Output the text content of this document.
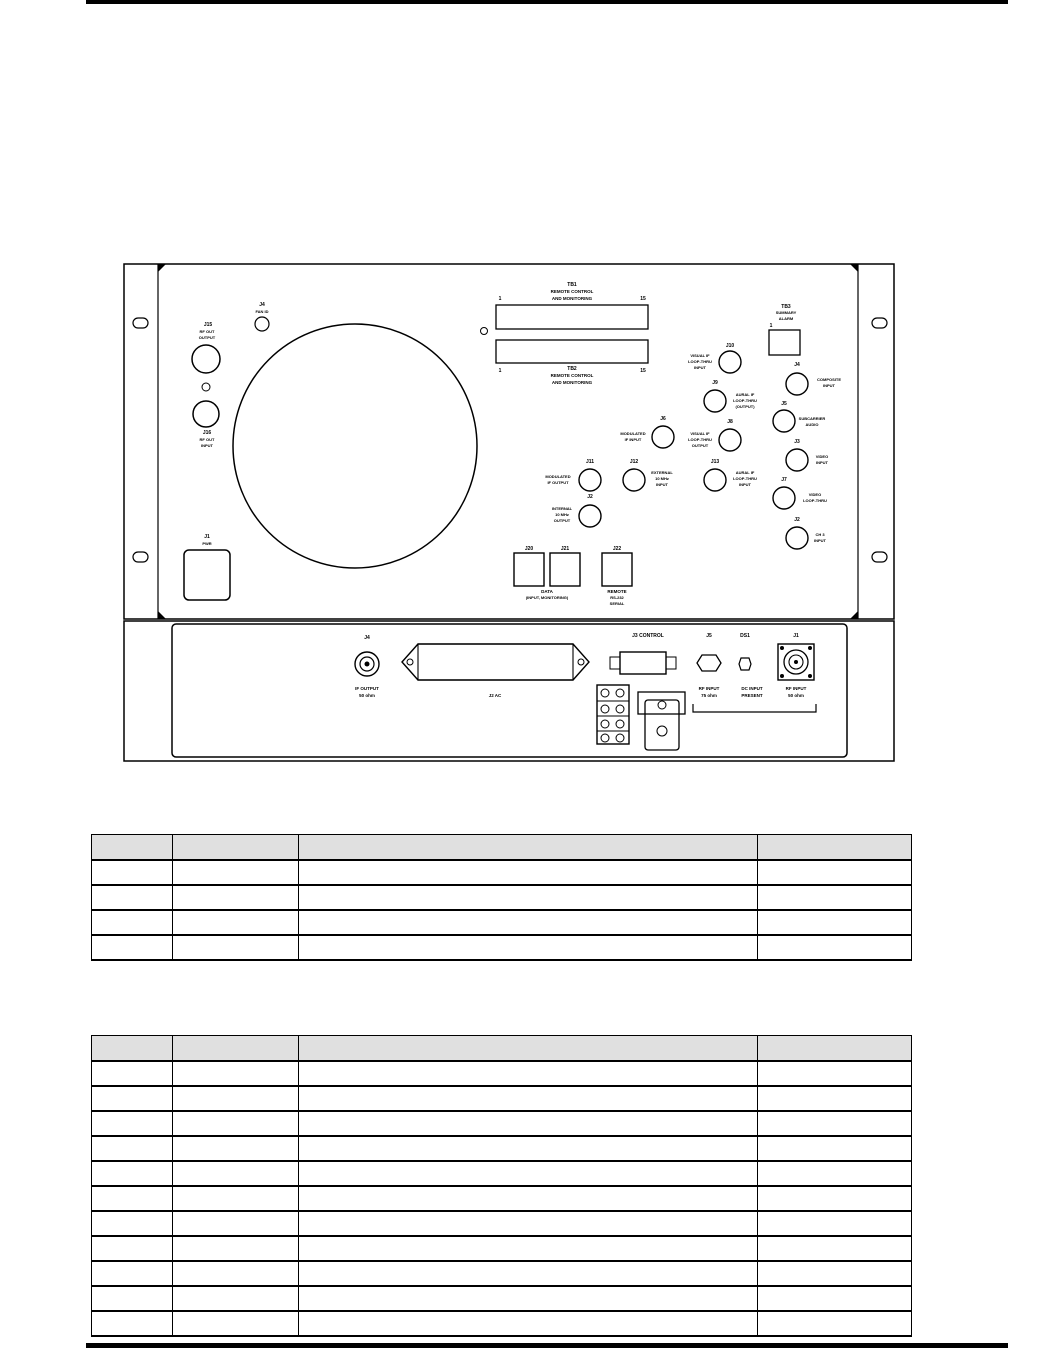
J4
FAN ID
J15
RF OUT
OUTPUT
J16
RF OUT
INPUT
J1
PWR
TB1
REMOTE CONTROL
AND MONITORING
1	15
1	15
TB2
REMOTE CONTROL
AND MONITORING
TB3
SUMMARY
ALARM
1
J10
VISUAL IF
LOOP-THRU
INPUT
J9
AURAL IF
LOOP-THRU
(OUTPUT)
J4
COMPOSITE
INPUT
J5
SUBCARRIER
AUDIO
J6
MODULATED
IF INPUT
J8
VISUAL IF
LOOP-THRU
OUTPUT
J3
VIDEO
INPUT
J11
MODULATED
IF OUTPUT
J12
EXTERNAL
10 MHz
INPUT
J13
AURAL IF
LOOP-THRU
INPUT
J7
VIDEO
LOOP-THRU
J2
INTERNAL
10 MHz
OUTPUT	J2
CH 3
INPUT
J20	J21	J22
DATA
(INPUT, MONITORING)
REMOTE
RS-232
SERIAL
J4
IF OUTPUT
50 ohm	J2 AC
J3 CONTROL	J5
RF INPUT
75 ohm
DS1
DC INPUT
PRESENT
J1
RF INPUT
50 ohm
